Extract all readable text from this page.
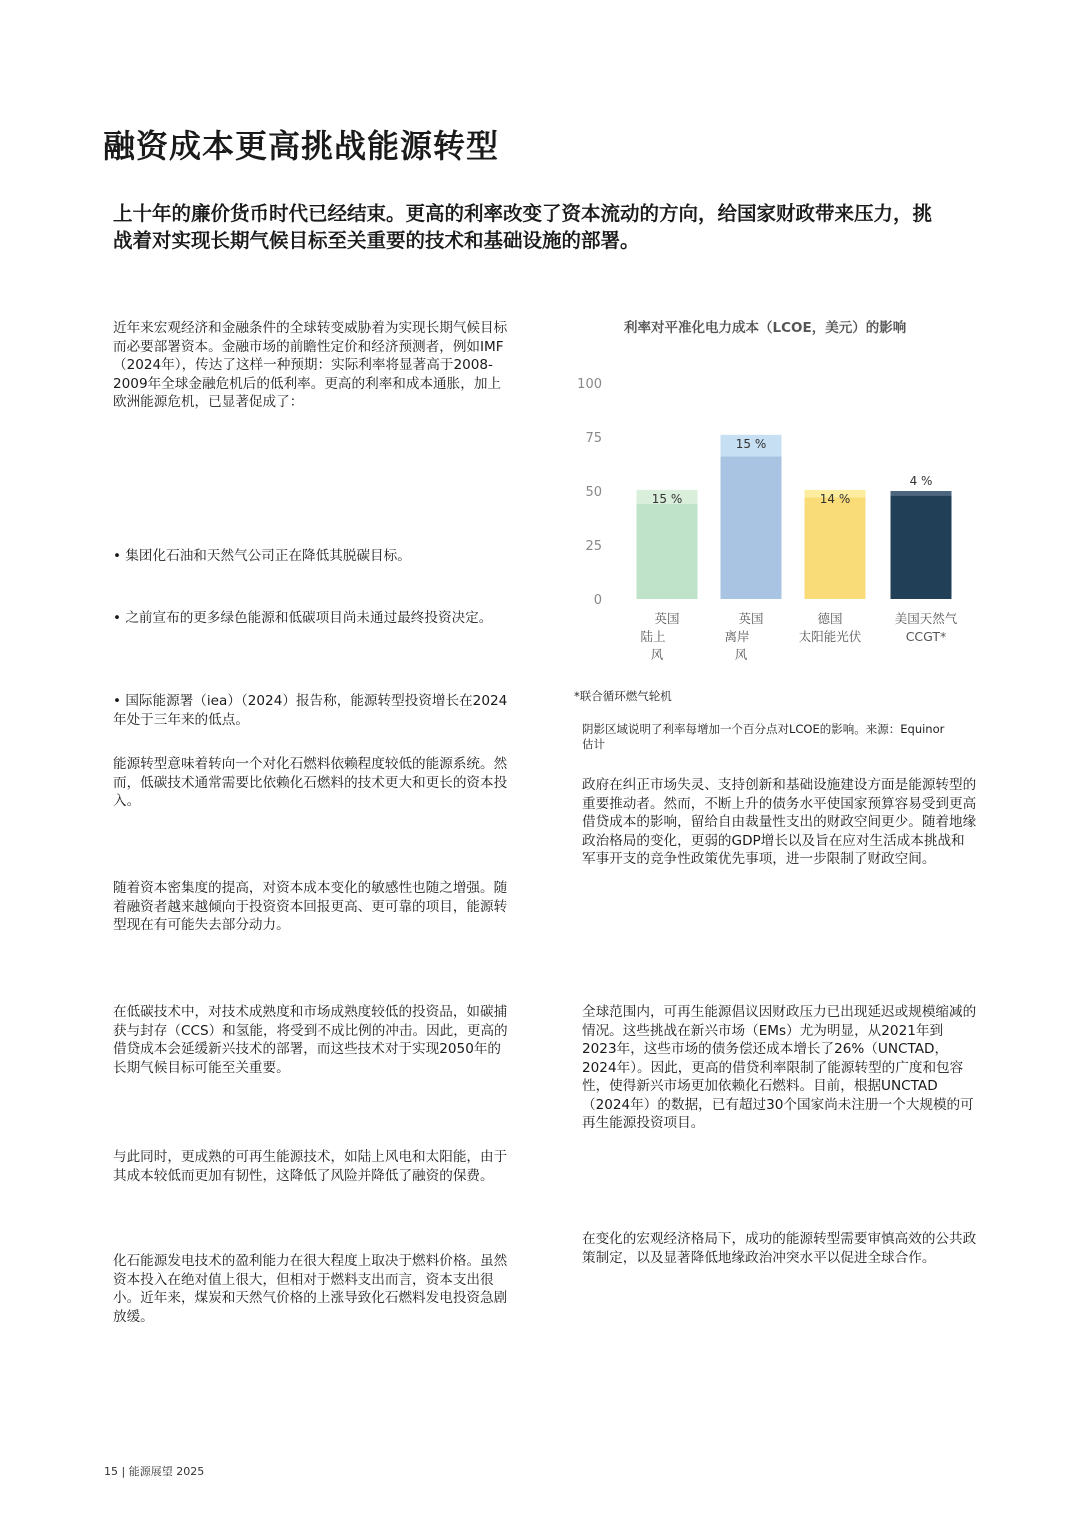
融资成本更高挑战能源转型
上十年的廉价货币时代已经结束。更高的利率改变了资本流动的方向，给国家财政带来压力，挑战着对实现长期气候目标至关重要的技术和基础设施的部署。
近年来宏观经济和金融条件的全球转变威胁着为实现长期气候目标而必要部署资本。金融市场的前瞻性定价和经济预测者，例如IMF（2024年），传达了这样一种预期：实际利率将显著高于2008-2009年全球金融危机后的低利率。更高的利率和成本通胀，加上欧洲能源危机，已显著促成了：
• 集团化石油和天然气公司正在降低其脱碳目标。
• 之前宣布的更多绿色能源和低碳项目尚未通过最终投资决定。
• 国际能源署（iea）（2024）报告称，能源转型投资增长在2024年处于三年来的低点。
能源转型意味着转向一个对化石燃料依赖程度较低的能源系统。然而，低碳技术通常需要比依赖化石燃料的技术更大和更长的资本投入。
随着资本密集度的提高，对资本成本变化的敏感性也随之增强。随着融资者越来越倾向于投资资本回报更高、更可靠的项目，能源转型现在有可能失去部分动力。
在低碳技术中，对技术成熟度和市场成熟度较低的投资品，如碳捕获与封存（CCS）和氢能，将受到不成比例的冲击。因此，更高的借贷成本会延缓新兴技术的部署，而这些技术对于实现2050年的长期气候目标可能至关重要。
与此同时，更成熟的可再生能源技术，如陆上风电和太阳能，由于其成本较低而更加有韧性，这降低了风险并降低了融资的保费。
化石能源发电技术的盈利能力在很大程度上取决于燃料价格。虽然资本投入在绝对值上很大，但相对于燃料支出而言，资本支出很小。近年来，煤炭和天然气价格的上涨导致化石燃料发电投资急剧放缓。
利率对平准化电力成本（LCOE，美元）的影响
0
25
50
75
100
15 %
英国
陆上
风
15 %
英国
离岸
风
14 %
德国
太阳能光伏
4 %
美国天然气
CCGT*
*联合循环燃气轮机
阴影区域说明了利率每增加一个百分点对LCOE的影响。来源：Equinor估计
政府在纠正市场失灵、支持创新和基础设施建设方面是能源转型的重要推动者。然而，不断上升的债务水平使国家预算容易受到更高借贷成本的影响，留给自由裁量性支出的财政空间更少。随着地缘政治格局的变化，更弱的GDP增长以及旨在应对生活成本挑战和军事开支的竞争性政策优先事项，进一步限制了财政空间。
全球范围内，可再生能源倡议因财政压力已出现延迟或规模缩减的情况。这些挑战在新兴市场（EMs）尤为明显，从2021年到2023年，这些市场的债务偿还成本增长了26%（UNCTAD，2024年）。因此，更高的借贷利率限制了能源转型的广度和包容性，使得新兴市场更加依赖化石燃料。目前，根据UNCTAD（2024年）的数据，已有超过30个国家尚未注册一个大规模的可再生能源投资项目。
在变化的宏观经济格局下，成功的能源转型需要审慎高效的公共政策制定，以及显著降低地缘政治冲突水平以促进全球合作。
15 | 能源展望 2025
